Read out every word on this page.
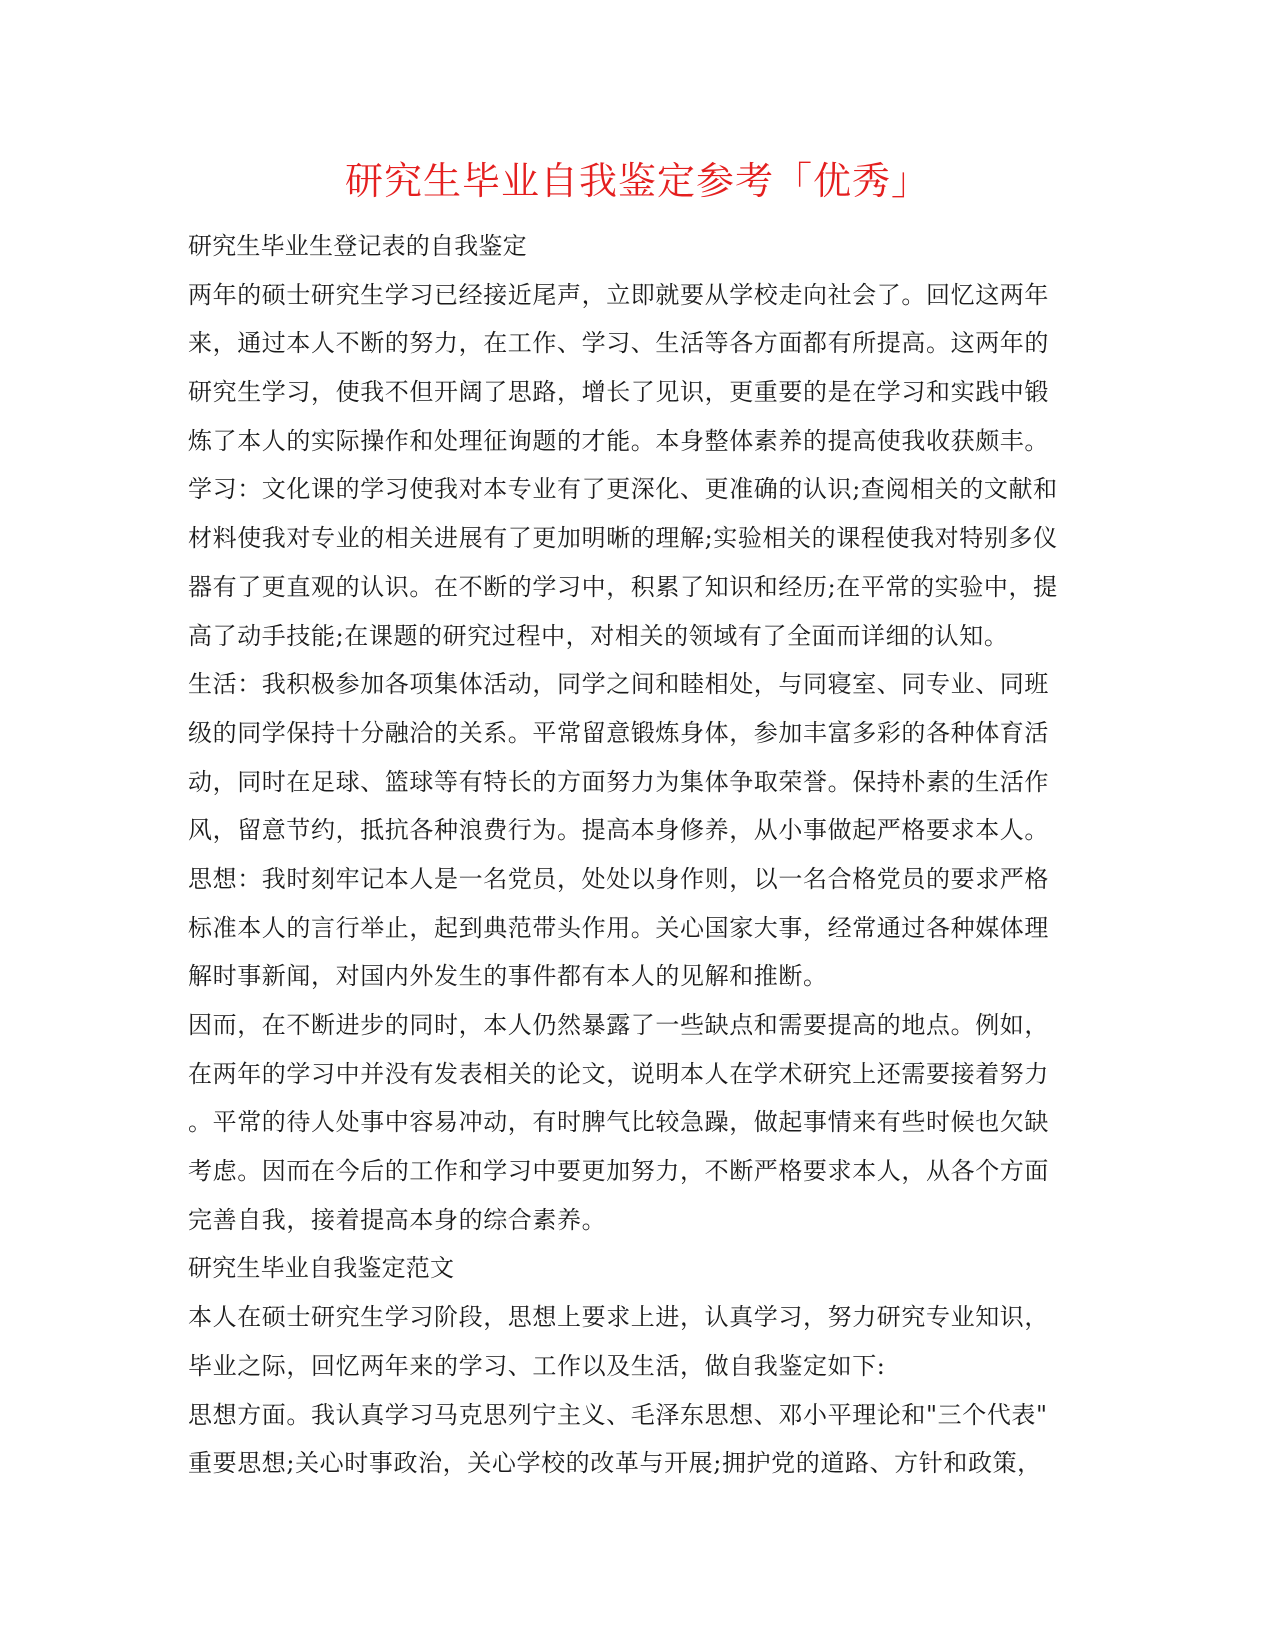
研究生毕业自我鉴定参考「优秀」
研究生毕业生登记表的自我鉴定
两年的硕士研究生学习已经接近尾声，立即就要从学校走向社会了。回忆这两年
来，通过本人不断的努力，在工作、学习、生活等各方面都有所提高。这两年的
研究生学习，使我不但开阔了思路，增长了见识，更重要的是在学习和实践中锻
炼了本人的实际操作和处理征询题的才能。本身整体素养的提高使我收获颇丰。
学习：文化课的学习使我对本专业有了更深化、更准确的认识;查阅相关的文献和
材料使我对专业的相关进展有了更加明晰的理解;实验相关的课程使我对特别多仪
器有了更直观的认识。在不断的学习中，积累了知识和经历;在平常的实验中，提
高了动手技能;在课题的研究过程中，对相关的领域有了全面而详细的认知。
生活：我积极参加各项集体活动，同学之间和睦相处，与同寝室、同专业、同班
级的同学保持十分融洽的关系。平常留意锻炼身体，参加丰富多彩的各种体育活
动，同时在足球、篮球等有特长的方面努力为集体争取荣誉。保持朴素的生活作
风，留意节约，抵抗各种浪费行为。提高本身修养，从小事做起严格要求本人。
思想：我时刻牢记本人是一名党员，处处以身作则，以一名合格党员的要求严格
标准本人的言行举止，起到典范带头作用。关心国家大事，经常通过各种媒体理
解时事新闻，对国内外发生的事件都有本人的见解和推断。
因而，在不断进步的同时，本人仍然暴露了一些缺点和需要提高的地点。例如，
在两年的学习中并没有发表相关的论文，说明本人在学术研究上还需要接着努力
。平常的待人处事中容易冲动，有时脾气比较急躁，做起事情来有些时候也欠缺
考虑。因而在今后的工作和学习中要更加努力，不断严格要求本人，从各个方面
完善自我，接着提高本身的综合素养。
研究生毕业自我鉴定范文
本人在硕士研究生学习阶段，思想上要求上进，认真学习，努力研究专业知识，
毕业之际，回忆两年来的学习、工作以及生活，做自我鉴定如下:
思想方面。我认真学习马克思列宁主义、毛泽东思想、邓小平理论和"三个代表"
重要思想;关心时事政治，关心学校的改革与开展;拥护党的道路、方针和政策，
